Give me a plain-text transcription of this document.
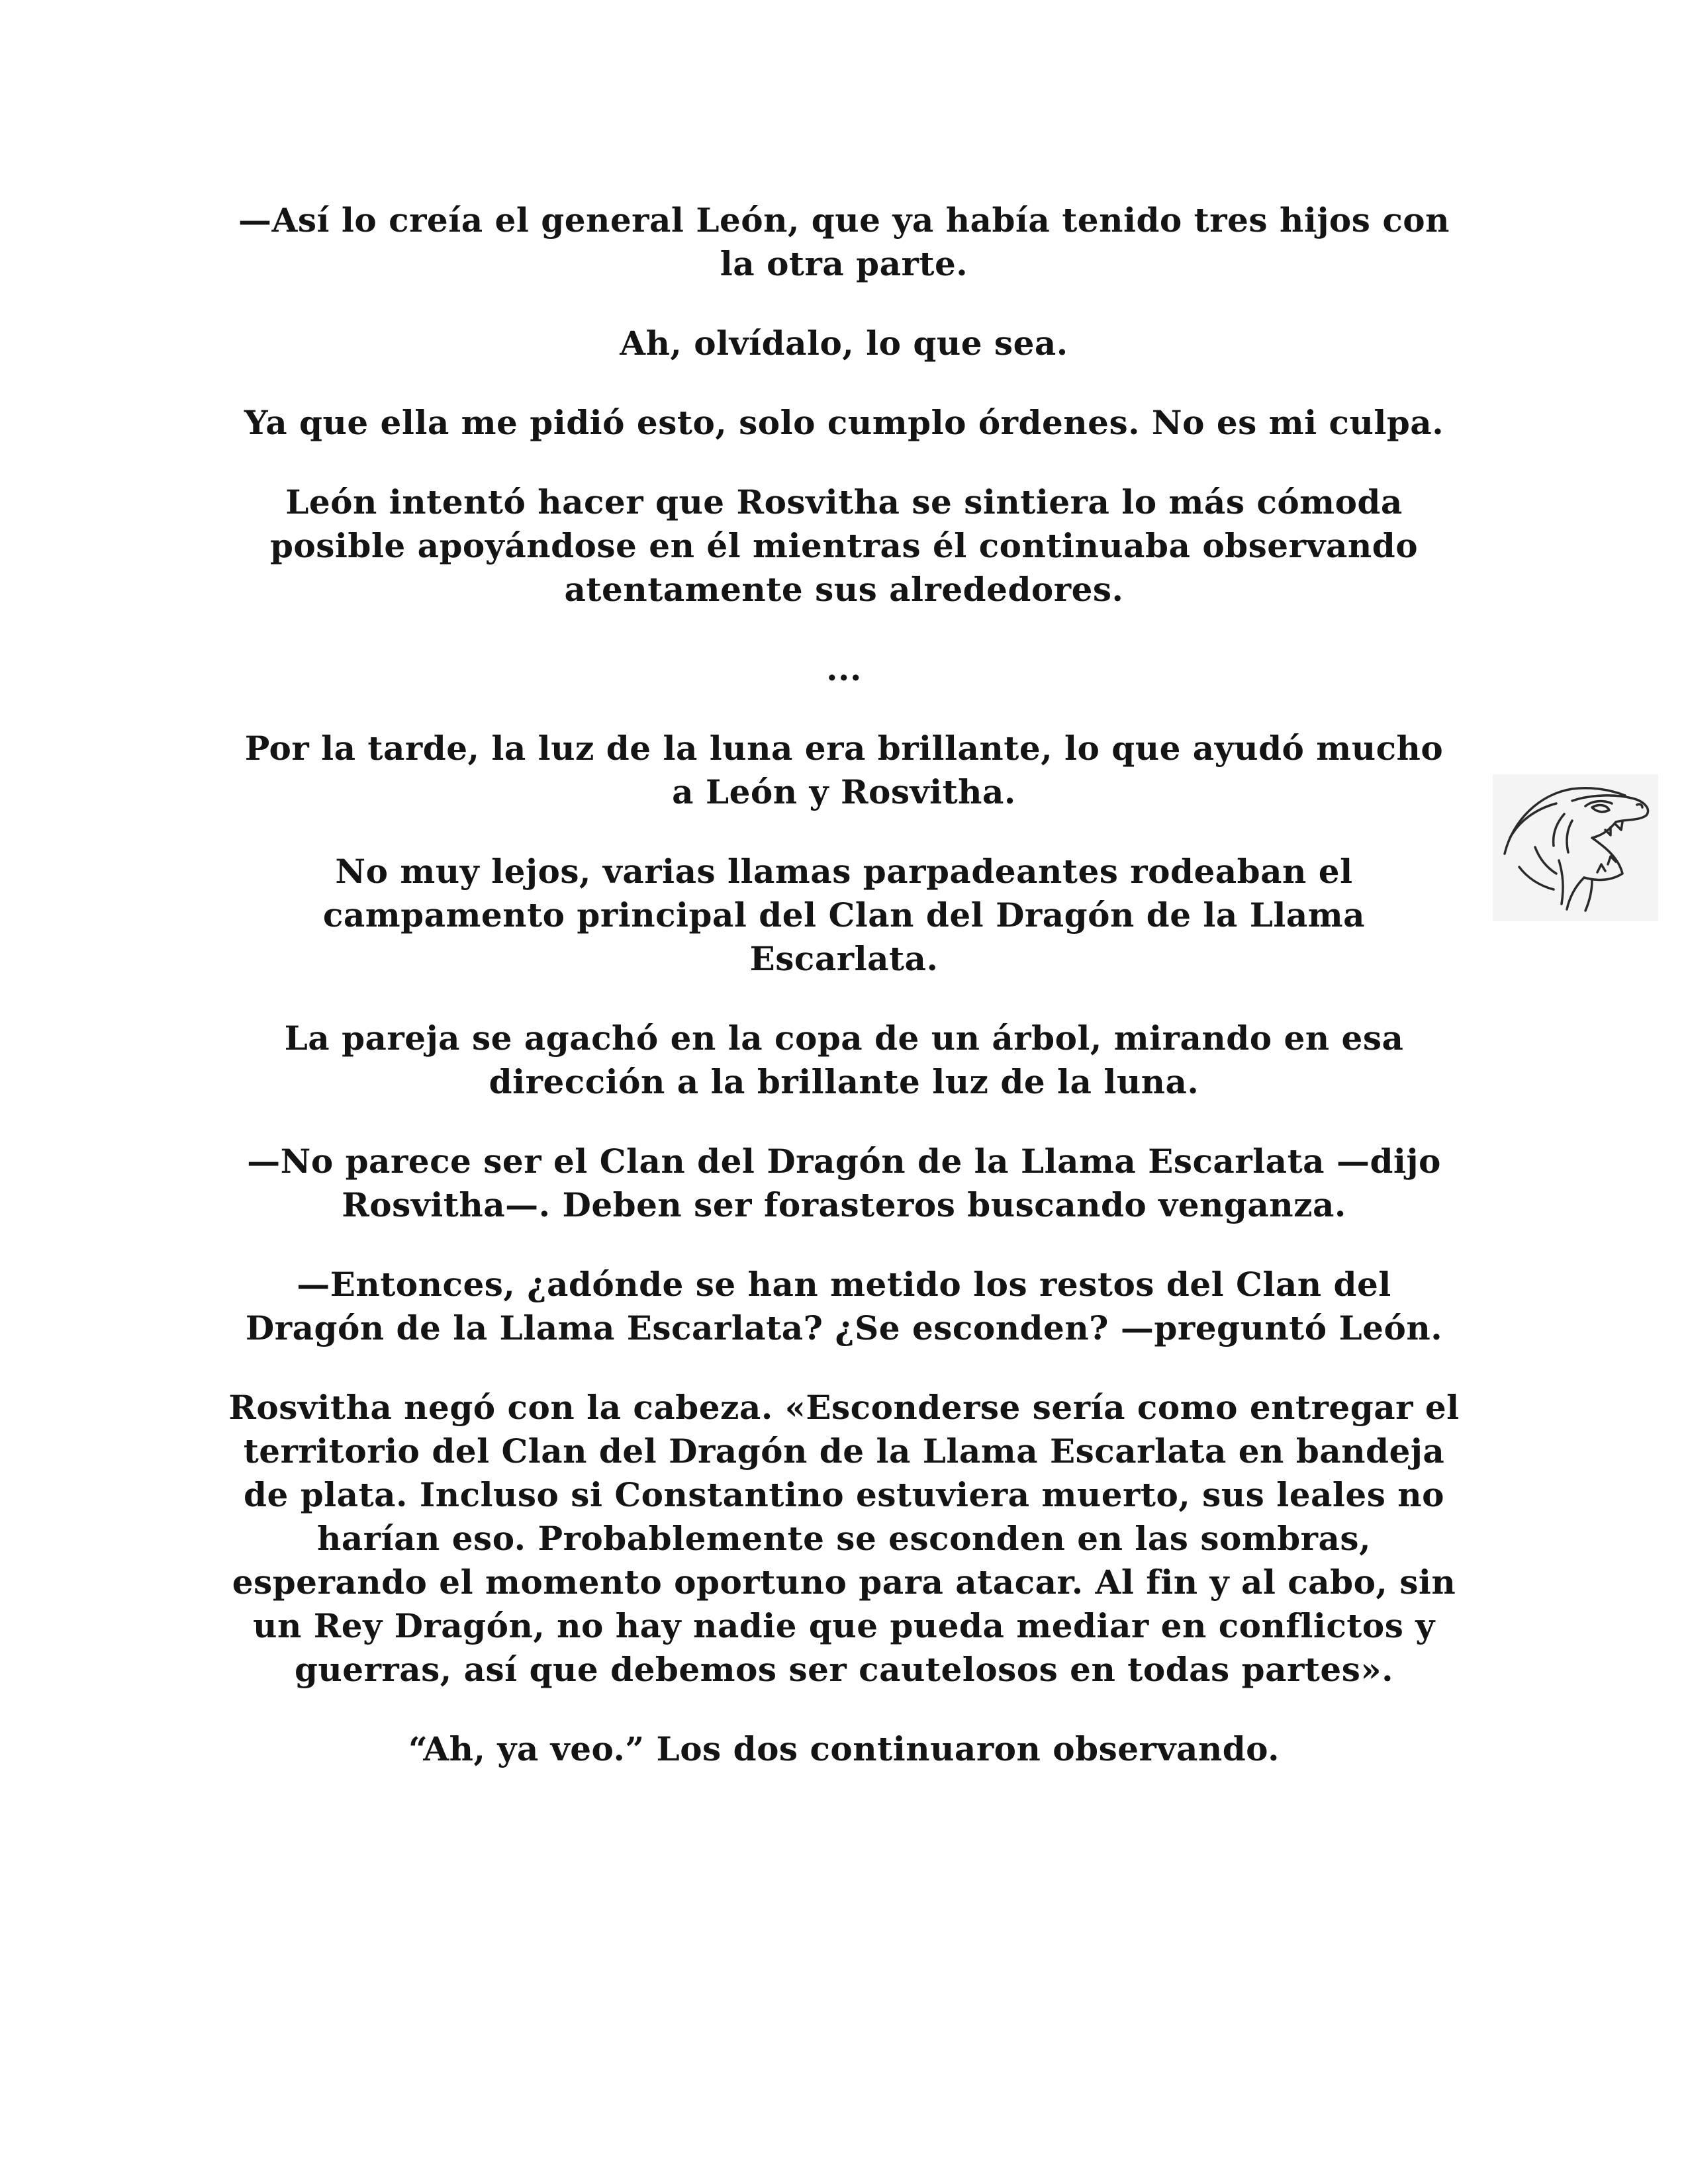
—Así lo creía el general León, que ya había tenido tres hijos con la otra parte.

Ah, olvídalo, lo que sea.

Ya que ella me pidió esto, solo cumplo órdenes. No es mi culpa.

León intentó hacer que Rosvitha se sintiera lo más cómoda posible apoyándose en él mientras él continuaba observando atentamente sus alrededores.

...

Por la tarde, la luz de la luna era brillante, lo que ayudó mucho a León y Rosvitha.

No muy lejos, varias llamas parpadeantes rodeaban el campamento principal del Clan del Dragón de la Llama Escarlata.

La pareja se agachó en la copa de un árbol, mirando en esa dirección a la brillante luz de la luna.

—No parece ser el Clan del Dragón de la Llama Escarlata —dijo Rosvitha—. Deben ser forasteros buscando venganza.

—Entonces, ¿adónde se han metido los restos del Clan del Dragón de la Llama Escarlata? ¿Se esconden? —preguntó León.

Rosvitha negó con la cabeza. «Esconderse sería como entregar el territorio del Clan del Dragón de la Llama Escarlata en bandeja de plata. Incluso si Constantino estuviera muerto, sus leales no harían eso. Probablemente se esconden en las sombras, esperando el momento oportuno para atacar. Al fin y al cabo, sin un Rey Dragón, no hay nadie que pueda mediar en conflictos y guerras, así que debemos ser cautelosos en todas partes».

“Ah, ya veo.” Los dos continuaron observando.
